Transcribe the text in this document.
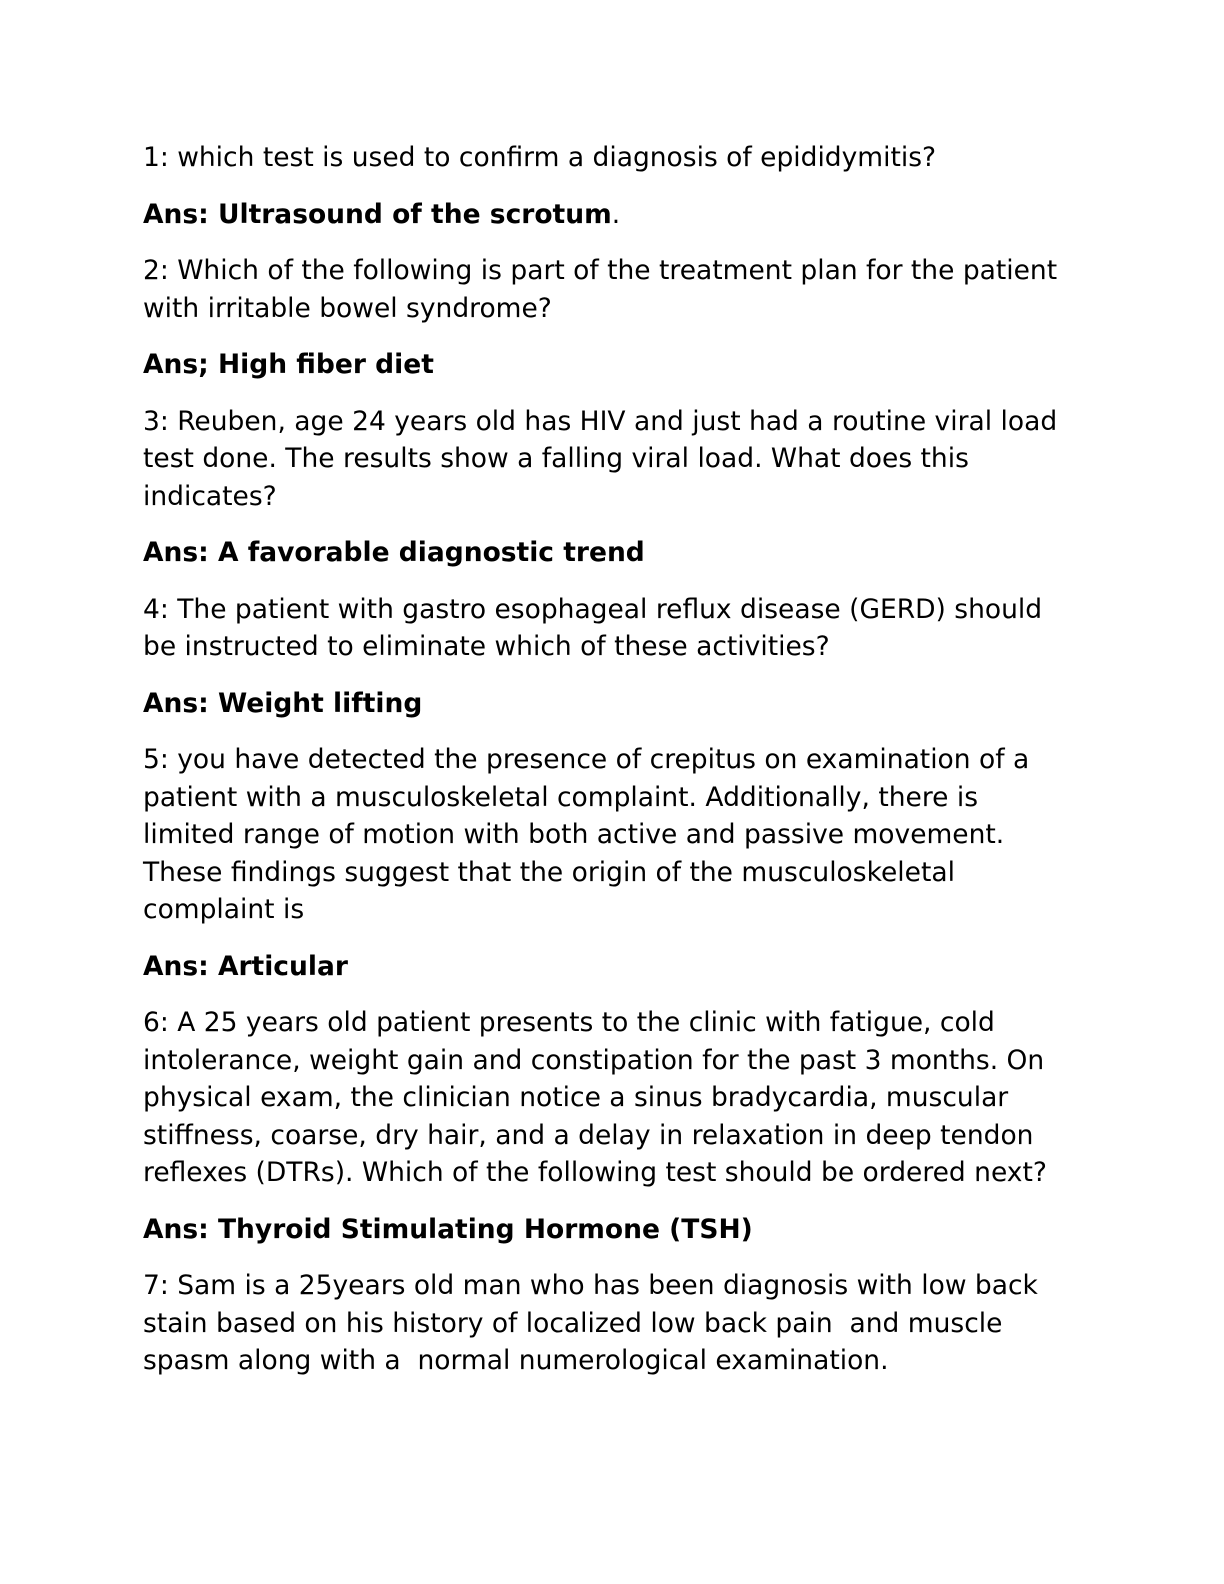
1: which test is used to confirm a diagnosis of epididymitis?

Ans: Ultrasound of the scrotum.

2: Which of the following is part of the treatment plan for the patient with irritable bowel syndrome?

Ans; High fiber diet

3: Reuben, age 24 years old has HIV and just had a routine viral load test done. The results show a falling viral load. What does this indicates?

Ans: A favorable diagnostic trend

4: The patient with gastro esophageal reflux disease (GERD) should be instructed to eliminate which of these activities?

Ans: Weight lifting

5: you have detected the presence of crepitus on examination of a patient with a musculoskeletal complaint. Additionally, there is limited range of motion with both active and passive movement. These findings suggest that the origin of the musculoskeletal complaint is

Ans: Articular

6: A 25 years old patient presents to the clinic with fatigue, cold intolerance, weight gain and constipation for the past 3 months. On physical exam, the clinician notice a sinus bradycardia, muscular stiffness, coarse, dry hair, and a delay in relaxation in deep tendon reflexes (DTRs). Which of the following test should be ordered next?

Ans: Thyroid Stimulating Hormone (TSH)

7: Sam is a 25years old man who has been diagnosis with low back stain based on his history of localized low back pain  and muscle spasm along with a  normal numerological examination.
